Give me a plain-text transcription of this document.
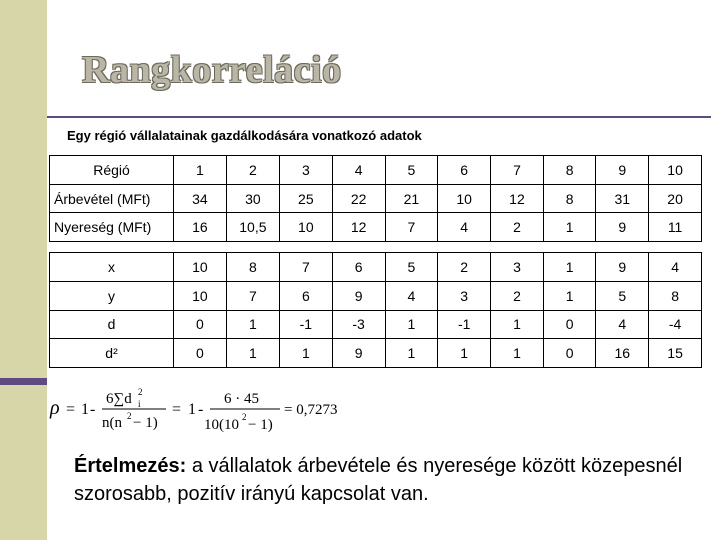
Rangkorreláció
Egy régió vállalatainak gazdálkodására vonatkozó adatok
Régió	1	2	3	4	5	6	7	8	9	10
Árbevétel (MFt)	34	30	25	22	21	10	12	8	31	20
Nyereség (MFt)	16	10,5	10	12	7	4	2	1	9	11

x	10	8	7	6	5	2	3	1	9	4
y	10	7	6	9	4	3	2	1	5	8
d	0	1	-1	-3	1	-1	1	0	4	-4
d²	0	1	1	9	1	1	1	0	16	15
ρ = 1 -
6∑d 2
i
n(n 2 − 1)
= 1 -
6 · 45
10(10 2 − 1)
= 0,7273
Értelmezés: a vállalatok árbevétele és nyeresége között közepesnél szorosabb, pozitív irányú kapcsolat van.
